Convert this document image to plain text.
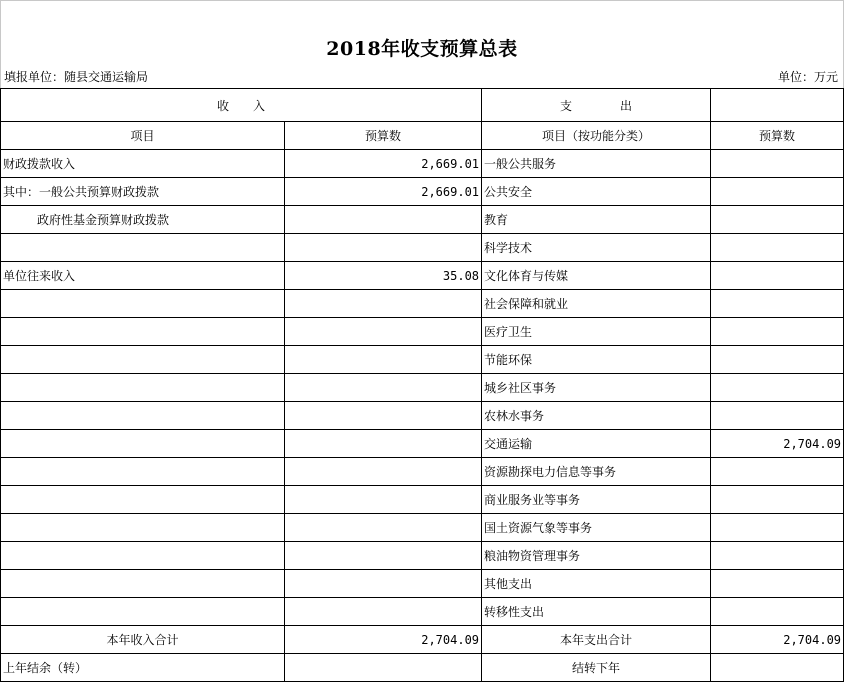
2018年收支预算总表
填报单位：随县交通运输局	单位：万元
收　　入		支　　　　出	
项目	预算数	项目（按功能分类）	预算数
财政拨款收入	2,669.01	一般公共服务	
其中：一般公共预算财政拨款	2,669.01	公共安全	
政府性基金预算财政拨款		教育	
		科学技术	
单位往来收入	35.08	文化体育与传媒	
		社会保障和就业	
		医疗卫生	
		节能环保	
		城乡社区事务	
		农林水事务	
		交通运输	2,704.09
		资源勘探电力信息等事务	
		商业服务业等事务	
		国土资源气象等事务	
		粮油物资管理事务	
		其他支出	
		转移性支出	
本年收入合计	2,704.09	本年支出合计	2,704.09
上年结余（转）		结转下年	
